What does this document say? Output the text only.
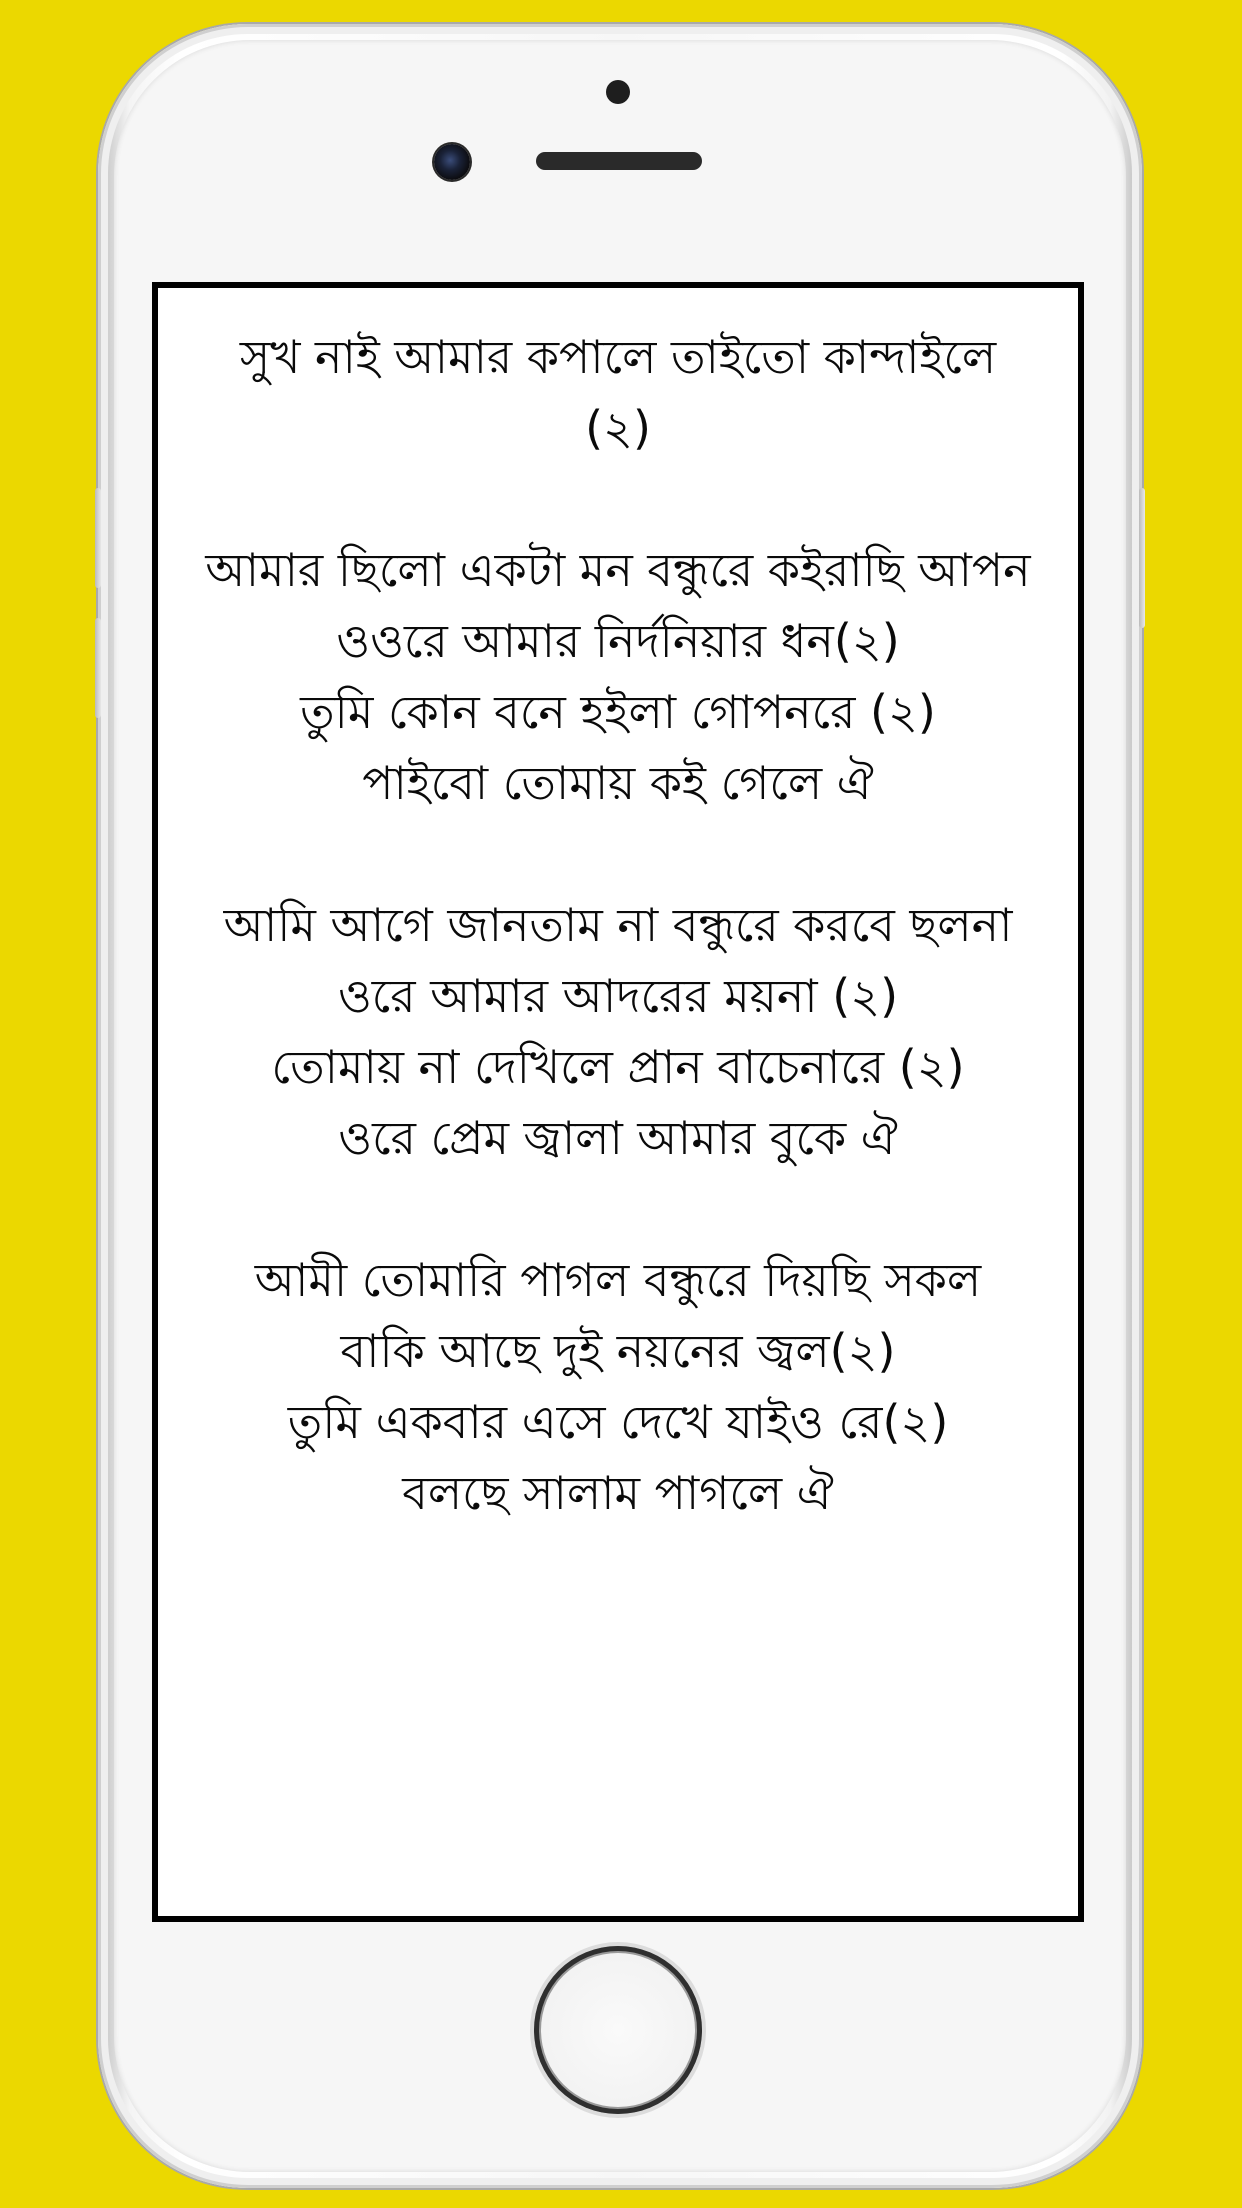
সুখ নাই আমার কপালে তাইতো কান্দাইলে
(২)
আমার ছিলো একটা মন বন্ধুরে কইরাছি আপন
ওওরে আমার নির্দনিয়ার ধন(২)
তুমি কোন বনে হইলা গোপনরে (২)
পাইবো তোমায় কই গেলে ঐ
আমি আগে জানতাম না বন্ধুরে করবে ছলনা
ওরে আমার আদরের ময়না (২)
তোমায় না দেখিলে প্রান বাচেনারে (২)
ওরে প্রেম জ্বালা আমার বুকে ঐ
আমী তোমারি পাগল বন্ধুরে দিয়ছি সকল
বাকি আছে দুই নয়নের জ্বল(২)
তুমি একবার এসে দেখে যাইও রে(২)
বলছে সালাম পাগলে ঐ
